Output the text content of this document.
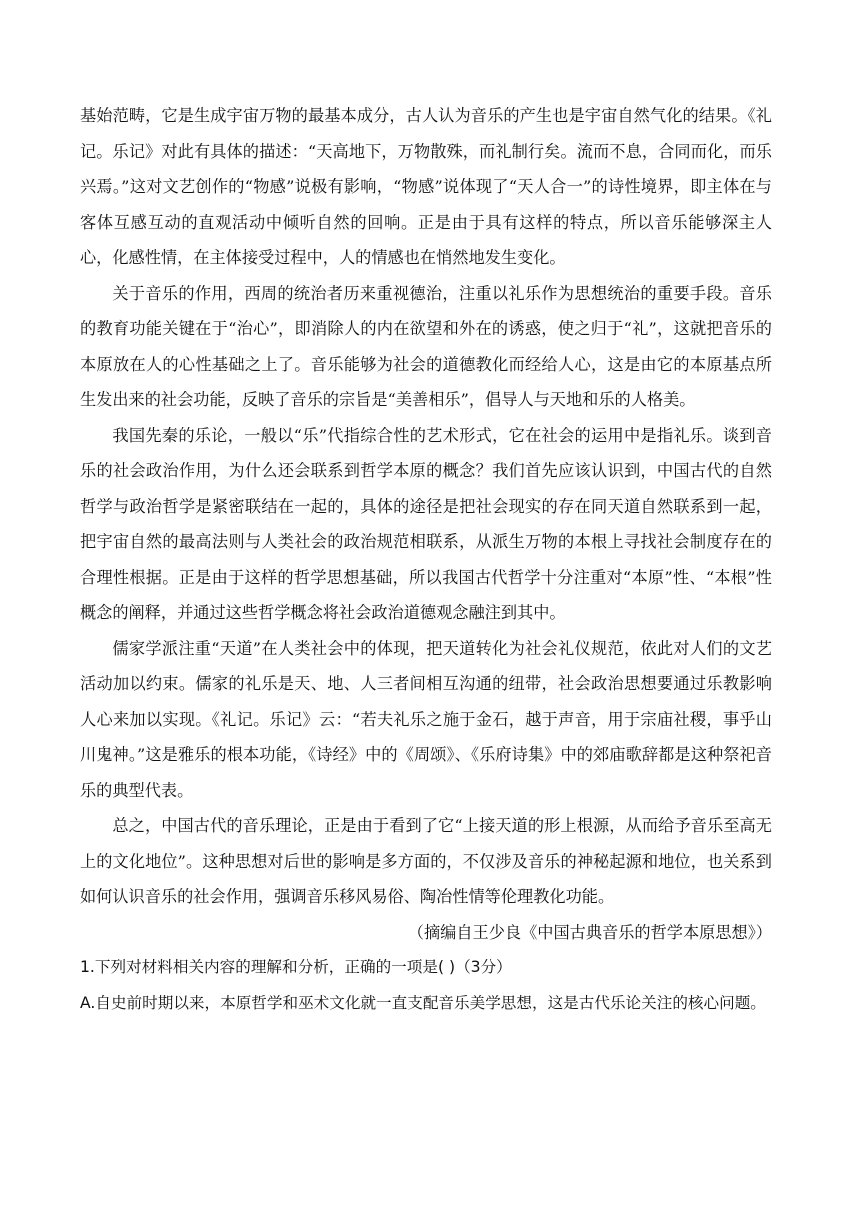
基始范畴，它是生成宇宙万物的最基本成分，古人认为音乐的产生也是宇宙自然气化的结果。《礼记。乐记》对此有具体的描述：“天高地下，万物散殊，而礼制行矣。流而不息，合同而化，而乐兴焉。”这对文艺创作的“物感”说极有影响，“物感”说体现了“天人合一”的诗性境界，即主体在与客体互感互动的直观活动中倾听自然的回响。正是由于具有这样的特点，所以音乐能够深主人心，化感性情，在主体接受过程中，人的情感也在悄然地发生变化。

关于音乐的作用，西周的统治者历来重视德治，注重以礼乐作为思想统治的重要手段。音乐的教育功能关键在于“治心”，即消除人的内在欲望和外在的诱惑，使之归于“礼”，这就把音乐的本原放在人的心性基础之上了。音乐能够为社会的道德教化而经给人心，这是由它的本原基点所生发出来的社会功能，反映了音乐的宗旨是“美善相乐”，倡导人与天地和乐的人格美。

我国先秦的乐论，一般以“乐”代指综合性的艺术形式，它在社会的运用中是指礼乐。谈到音乐的社会政治作用，为什么还会联系到哲学本原的概念？我们首先应该认识到，中国古代的自然哲学与政治哲学是紧密联结在一起的，具体的途径是把社会现实的存在同天道自然联系到一起，把宇宙自然的最高法则与人类社会的政治规范相联系，从派生万物的本根上寻找社会制度存在的合理性根据。正是由于这样的哲学思想基础，所以我国古代哲学十分注重对“本原”性、“本根”性概念的阐释，并通过这些哲学概念将社会政治道德观念融注到其中。

儒家学派注重“天道”在人类社会中的体现，把天道转化为社会礼仪规范，依此对人们的文艺活动加以约束。儒家的礼乐是天、地、人三者间相互沟通的纽带，社会政治思想要通过乐教影响人心来加以实现。《礼记。乐记》云：“若夫礼乐之施于金石，越于声音，用于宗庙社稷，事乎山川鬼神。”这是雅乐的根本功能，《诗经》中的《周颂》、《乐府诗集》中的郊庙歌辞都是这种祭祀音乐的典型代表。

总之，中国古代的音乐理论，正是由于看到了它“上接天道的形上根源，从而给予音乐至高无上的文化地位”。这种思想对后世的影响是多方面的，不仅涉及音乐的神秘起源和地位，也关系到如何认识音乐的社会作用，强调音乐移风易俗、陶冶性情等伦理教化功能。

（摘编自王少良《中国古典音乐的哲学本原思想》）

1.下列对材料相关内容的理解和分析，正确的一项是( )（3分）

A.自史前时期以来，本原哲学和巫术文化就一直支配音乐美学思想，这是古代乐论关注的核心问题。
